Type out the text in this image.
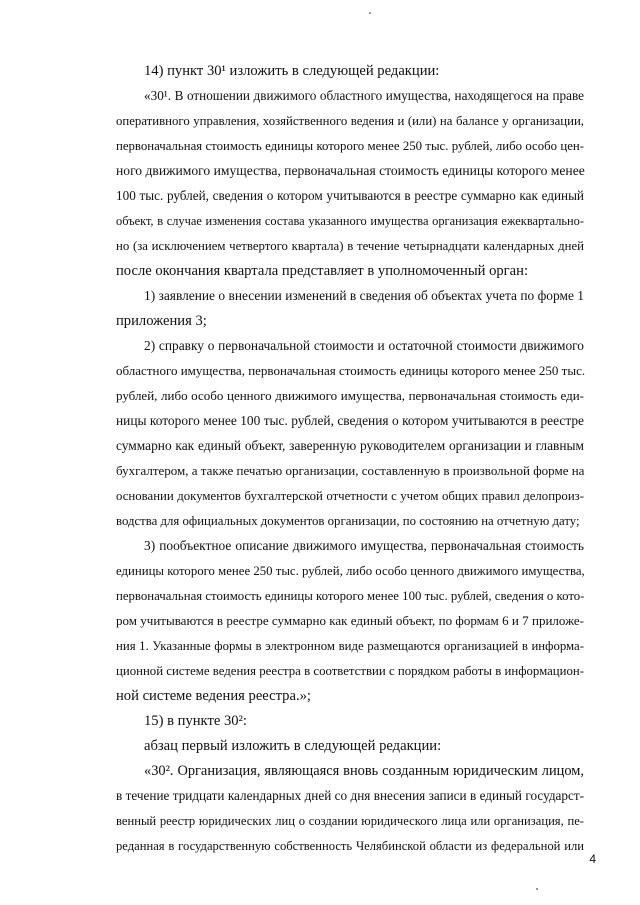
14) пункт 30¹ изложить в следующей редакции:
«30¹. В отношении движимого областного имущества, находящегося на праве
оперативного управления, хозяйственного ведения и (или) на балансе у организации,
первоначальная стоимость единицы которого менее 250 тыс. рублей, либо особо цен-
ного движимого имущества, первоначальная стоимость единицы которого менее
100 тыс. рублей, сведения о котором учитываются в реестре суммарно как единый
объект, в случае изменения состава указанного имущества организация ежеквартально-
но (за исключением четвертого квартала) в течение четырнадцати календарных дней
после окончания квартала представляет в уполномоченный орган:
1) заявление о внесении изменений в сведения об объектах учета по форме 1
приложения 3;
2) справку о первоначальной стоимости и остаточной стоимости движимого
областного имущества, первоначальная стоимость единицы которого менее 250 тыс.
рублей, либо особо ценного движимого имущества, первоначальная стоимость еди-
ницы которого менее 100 тыс. рублей, сведения о котором учитываются в реестре
суммарно как единый объект, заверенную руководителем организации и главным
бухгалтером, а также печатью организации, составленную в произвольной форме на
основании документов бухгалтерской отчетности с учетом общих правил делопроиз-
водства для официальных документов организации, по состоянию на отчетную дату;
3) пообъектное описание движимого имущества, первоначальная стоимость
единицы которого менее 250 тыс. рублей, либо особо ценного движимого имущества,
первоначальная стоимость единицы которого менее 100 тыс. рублей, сведения о кото-
ром учитываются в реестре суммарно как единый объект, по формам 6 и 7 приложе-
ния 1. Указанные формы в электронном виде размещаются организацией в информа-
ционной системе ведения реестра в соответствии с порядком работы в информацион-
ной системе ведения реестра.»;
15) в пункте 30²:
абзац первый изложить в следующей редакции:
«30². Организация, являющаяся вновь созданным юридическим лицом,
в течение тридцати календарных дней со дня внесения записи в единый государст-
венный реестр юридических лиц о создании юридического лица или организация, пе-
реданная в государственную собственность Челябинской области из федеральной или
4
